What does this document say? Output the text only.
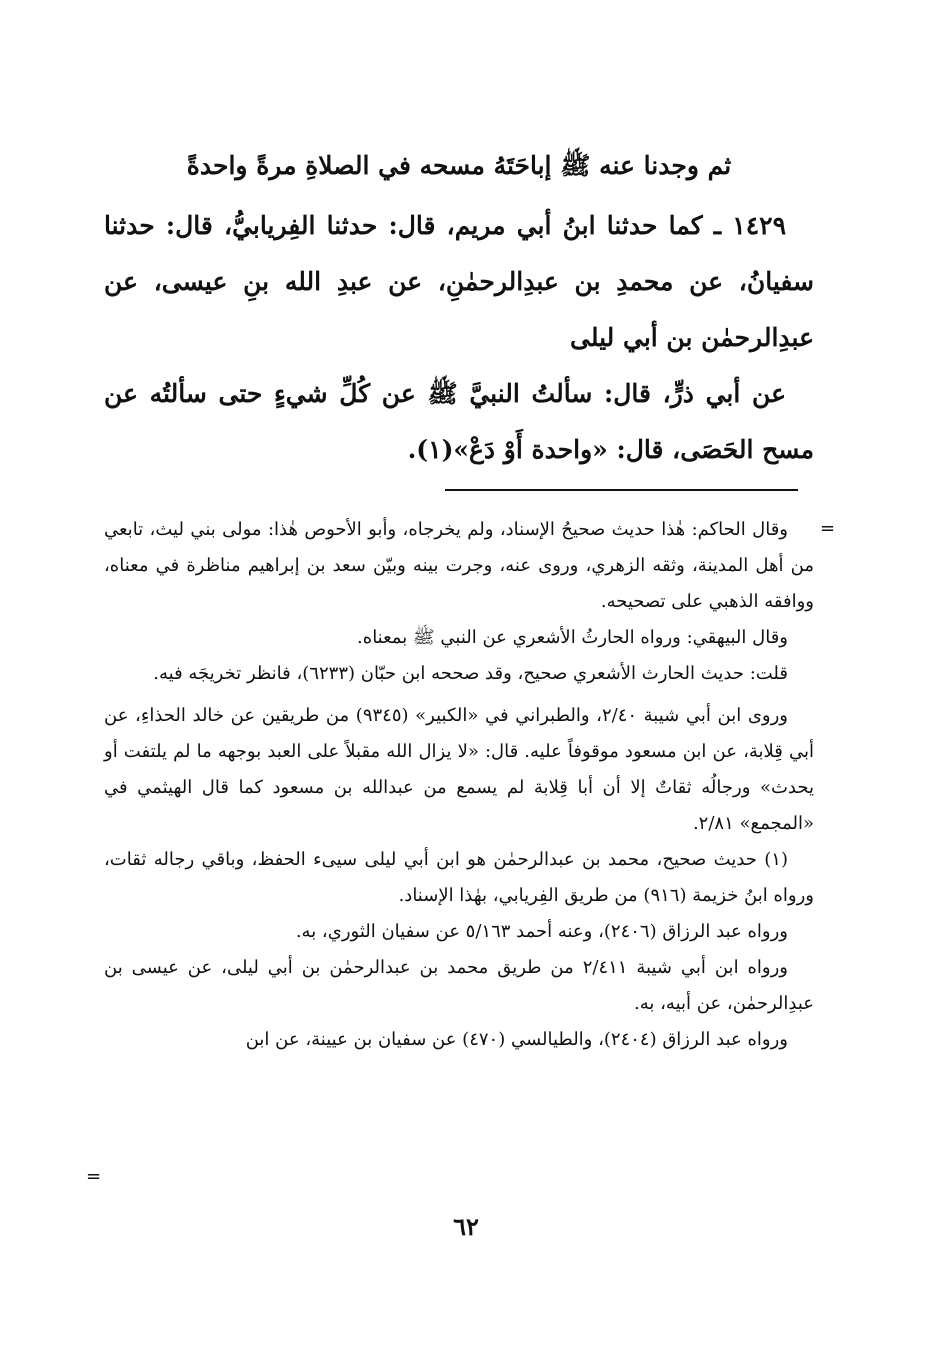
ثم وجدنا عنه ﷺ إباحَتَهُ مسحه في الصلاةِ مرةً واحدةً

١٤٢٩ ـ كما حدثنا ابنُ أبي مريم، قال: حدثنا الفِريابيُّ، قال: حدثنا سفيانُ، عن محمدِ بن عبدِالرحمٰنِ، عن عبدِ الله بنِ عيسى، عن عبدِالرحمٰن بن أبي ليلى

عن أبي ذرٍّ، قال: سألتُ النبيَّ ﷺ عن كُلِّ شيءٍ حتى سألتُه عن مسح الحَصَى، قال: «واحدة أَوْ دَعْ»(١).

=

وقال الحاكم: هٰذا حديث صحيحُ الإسناد، ولم يخرجاه، وأبو الأحوص هٰذا: مولى بني ليث، تابعي من أهل المدينة، وثقه الزهري، وروى عنه، وجرت بينه وبيّن سعد بن إبراهيم مناظرة في معناه، ووافقه الذهبي على تصحيحه.

وقال البيهقي: ورواه الحارثُ الأشعري عن النبي ﷺ بمعناه.

قلت: حديث الحارث الأشعري صحيح، وقد صححه ابن حبّان (٦٢٣٣)، فانظر تخريجَه فيه.

وروى ابن أبي شيبة ٢/٤٠، والطبراني في «الكبير» (٩٣٤٥) من طريقين عن خالد الحذاءِ، عن أبي قِلابة، عن ابن مسعود موقوفاً عليه. قال: «لا يزال الله مقبلاً على العبد بوجهه ما لم يلتفت أو يحدث» ورجالُه ثقاتٌ إلا أن أبا قِلابة لم يسمع من عبدالله بن مسعود كما قال الهيثمي في «المجمع» ٢/٨١.

(١) حديث صحيح، محمد بن عبدالرحمٰن هو ابن أبي ليلى سيىء الحفظ، وباقي رجاله ثقات، ورواه ابنُ خزيمة (٩١٦) من طريق الفِريابي، بهٰذا الإسناد.

ورواه عبد الرزاق (٢٤٠٦)، وعنه أحمد ٥/١٦٣ عن سفيان الثوري، به.

ورواه ابن أبي شيبة ٢/٤١١ من طريق محمد بن عبدالرحمٰن بن أبي ليلى، عن عيسى بن عبدِالرحمٰن، عن أبيه، به.

ورواه عبد الرزاق (٢٤٠٤)، والطيالسي (٤٧٠) عن سفيان بن عيينة، عن ابن

=
٦٢
